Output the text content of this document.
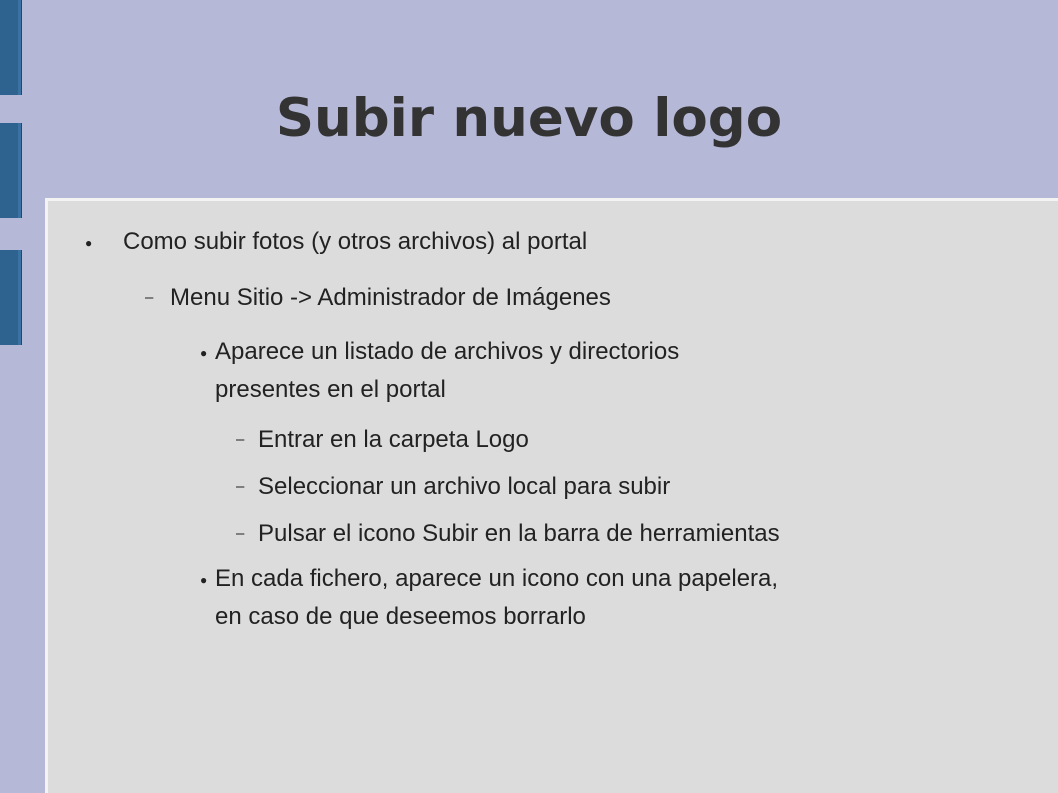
Subir nuevo logo
● Como subir fotos (y otros archivos) al portal
– Menu Sitio -> Administrador de Imágenes
● Aparece un listado de archivos y directorios
presentes en el portal
– Entrar en la carpeta Logo
– Seleccionar un archivo local para subir
– Pulsar el icono Subir en la barra de herramientas
● En cada fichero, aparece un icono con una papelera,
en caso de que deseemos borrarlo
